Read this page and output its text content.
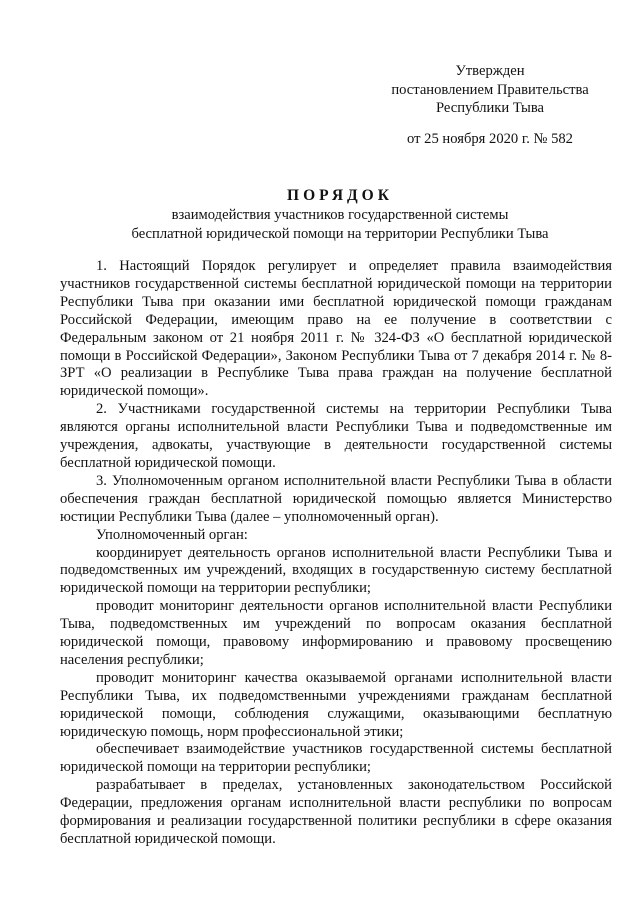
Утвержден
постановлением Правительства
Республики Тыва
от 25 ноября 2020 г. № 582
ПОРЯДОК
взаимодействия участников государственной системы
бесплатной юридической помощи на территории Республики Тыва

1. Настоящий Порядок регулирует и определяет правила взаимодействия участников государственной системы бесплатной юридической помощи на территории Республики Тыва при оказании ими бесплатной юридической помощи гражданам Российской Федерации, имеющим право на ее получение в соответствии с Федеральным законом от 21 ноября 2011 г. № 324-ФЗ «О бесплатной юридической помощи в Российской Федерации», Законом Республики Тыва от 7 декабря 2014 г. № 8-ЗРТ «О реализации в Республике Тыва права граждан на получение бесплатной юридической помощи».

2. Участниками государственной системы на территории Республики Тыва являются органы исполнительной власти Республики Тыва и подведомственные им учреждения, адвокаты, участвующие в деятельности государственной системы бесплатной юридической помощи.

3. Уполномоченным органом исполнительной власти Республики Тыва в области обеспечения граждан бесплатной юридической помощью является Министерство юстиции Республики Тыва (далее – уполномоченный орган).

Уполномоченный орган:

координирует деятельность органов исполнительной власти Республики Тыва и подведомственных им учреждений, входящих в государственную систему бесплатной юридической помощи на территории республики;

проводит мониторинг деятельности органов исполнительной власти Республики Тыва, подведомственных им учреждений по вопросам оказания бесплатной юридической помощи, правовому информированию и правовому просвещению населения республики;

проводит мониторинг качества оказываемой органами исполнительной власти Республики Тыва, их подведомственными учреждениями гражданам бесплатной юридической помощи, соблюдения служащими, оказывающими бесплатную юридическую помощь, норм профессиональной этики;

обеспечивает взаимодействие участников государственной системы бесплатной юридической помощи на территории республики;

разрабатывает в пределах, установленных законодательством Российской Федерации, предложения органам исполнительной власти республики по вопросам формирования и реализации государственной политики республики в сфере оказания бесплатной юридической помощи.
